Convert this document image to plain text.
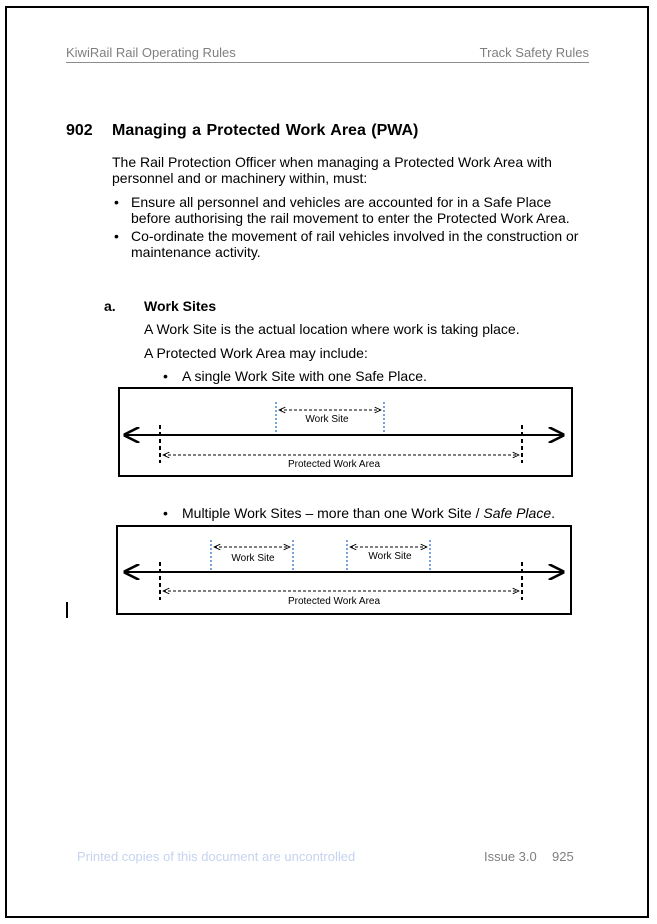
KiwiRail Rail Operating Rules	Track Safety Rules
902 Managing a Protected Work Area (PWA)
The Rail Protection Officer when managing a Protected Work Area with personnel and or machinery within, must:
• Ensure all personnel and vehicles are accounted for in a Safe Place before authorising the rail movement to enter the Protected Work Area.
• Co-ordinate the movement of rail vehicles involved in the construction or maintenance activity.
a. Work Sites
A Work Site is the actual location where work is taking place.
A Protected Work Area may include:
• A single Work Site with one Safe Place.
• Multiple Work Sites – more than one Work Site / Safe Place.
Protected Work Area
Work Site
Protected Work Area
Work Site	Work Site
Printed copies of this document are uncontrolled	Issue 3.0 925
